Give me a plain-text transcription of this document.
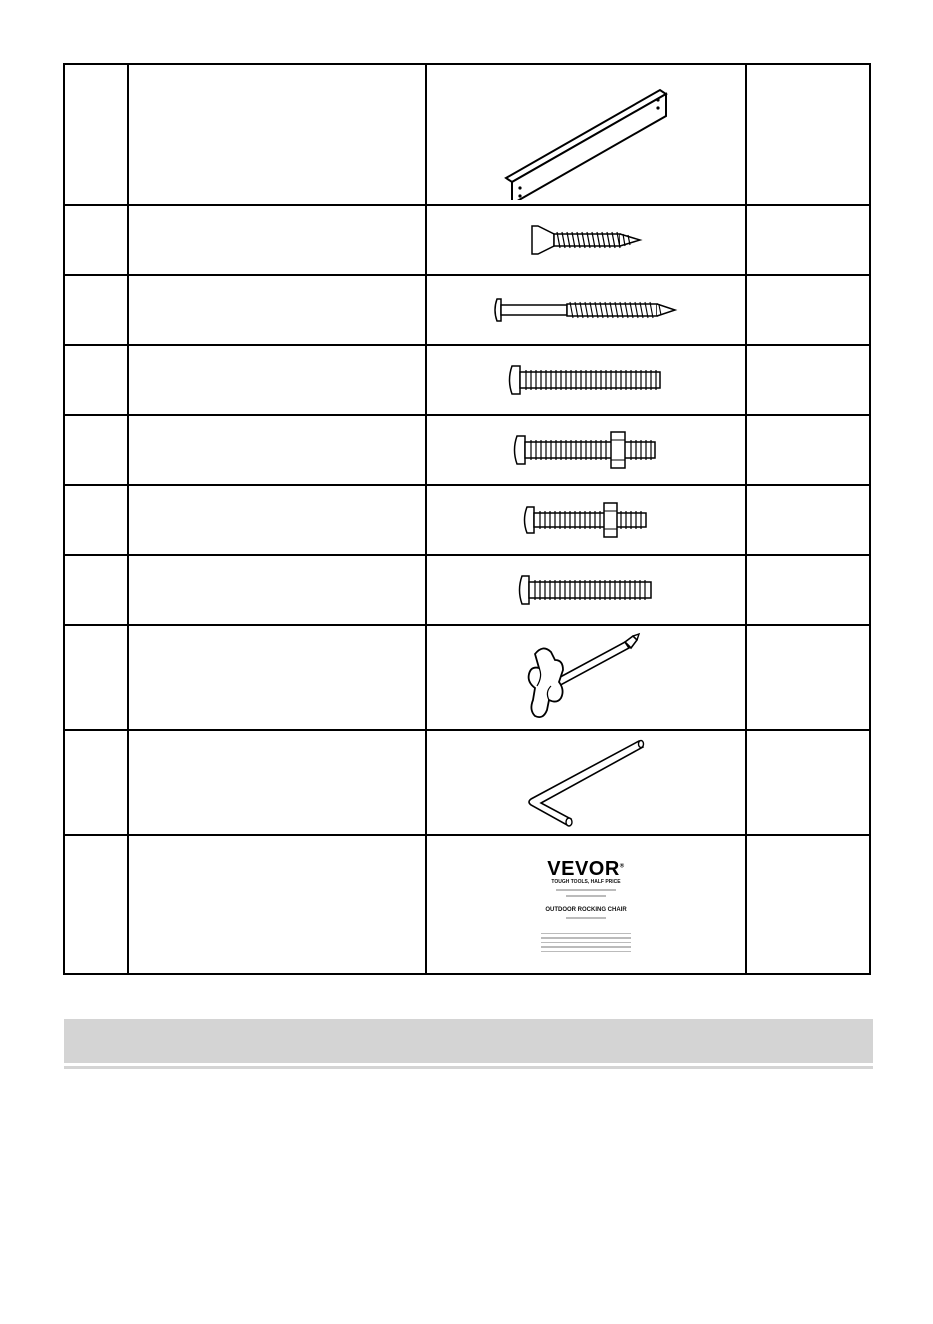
		VEVOR®
TOUGH TOOLS, HALF PRICE
OUTDOOR ROCKING CHAIR	
